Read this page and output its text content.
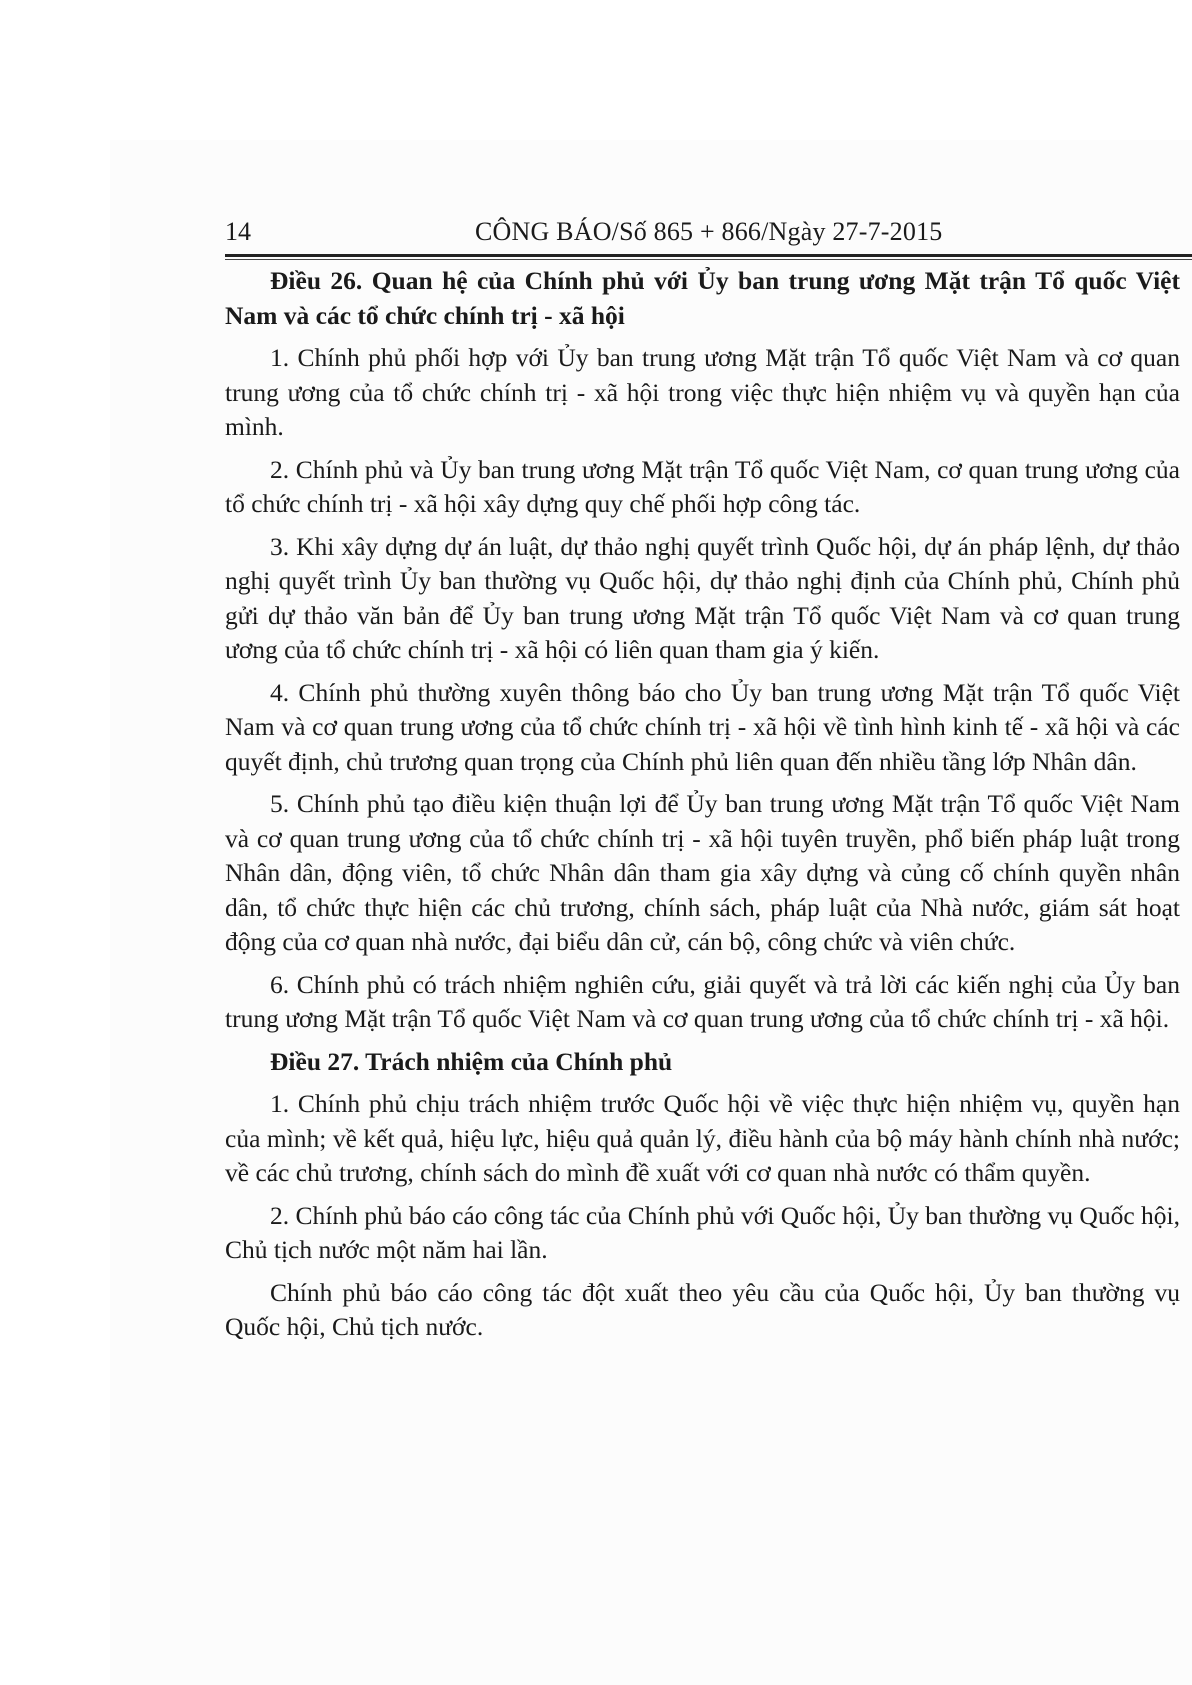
14	CÔNG BÁO/Số 865 + 866/Ngày 27-7-2015

Điều 26. Quan hệ của Chính phủ với Ủy ban trung ương Mặt trận Tổ quốc Việt Nam và các tổ chức chính trị - xã hội

1. Chính phủ phối hợp với Ủy ban trung ương Mặt trận Tổ quốc Việt Nam và cơ quan trung ương của tổ chức chính trị - xã hội trong việc thực hiện nhiệm vụ và quyền hạn của mình.

2. Chính phủ và Ủy ban trung ương Mặt trận Tổ quốc Việt Nam, cơ quan trung ương của tổ chức chính trị - xã hội xây dựng quy chế phối hợp công tác.

3. Khi xây dựng dự án luật, dự thảo nghị quyết trình Quốc hội, dự án pháp lệnh, dự thảo nghị quyết trình Ủy ban thường vụ Quốc hội, dự thảo nghị định của Chính phủ, Chính phủ gửi dự thảo văn bản để Ủy ban trung ương Mặt trận Tổ quốc Việt Nam và cơ quan trung ương của tổ chức chính trị - xã hội có liên quan tham gia ý kiến.

4. Chính phủ thường xuyên thông báo cho Ủy ban trung ương Mặt trận Tổ quốc Việt Nam và cơ quan trung ương của tổ chức chính trị - xã hội về tình hình kinh tế - xã hội và các quyết định, chủ trương quan trọng của Chính phủ liên quan đến nhiều tầng lớp Nhân dân.

5. Chính phủ tạo điều kiện thuận lợi để Ủy ban trung ương Mặt trận Tổ quốc Việt Nam và cơ quan trung ương của tổ chức chính trị - xã hội tuyên truyền, phổ biến pháp luật trong Nhân dân, động viên, tổ chức Nhân dân tham gia xây dựng và củng cố chính quyền nhân dân, tổ chức thực hiện các chủ trương, chính sách, pháp luật của Nhà nước, giám sát hoạt động của cơ quan nhà nước, đại biểu dân cử, cán bộ, công chức và viên chức.

6. Chính phủ có trách nhiệm nghiên cứu, giải quyết và trả lời các kiến nghị của Ủy ban trung ương Mặt trận Tổ quốc Việt Nam và cơ quan trung ương của tổ chức chính trị - xã hội.

Điều 27. Trách nhiệm của Chính phủ

1. Chính phủ chịu trách nhiệm trước Quốc hội về việc thực hiện nhiệm vụ, quyền hạn của mình; về kết quả, hiệu lực, hiệu quả quản lý, điều hành của bộ máy hành chính nhà nước; về các chủ trương, chính sách do mình đề xuất với cơ quan nhà nước có thẩm quyền.

2. Chính phủ báo cáo công tác của Chính phủ với Quốc hội, Ủy ban thường vụ Quốc hội, Chủ tịch nước một năm hai lần.

Chính phủ báo cáo công tác đột xuất theo yêu cầu của Quốc hội, Ủy ban thường vụ Quốc hội, Chủ tịch nước.
